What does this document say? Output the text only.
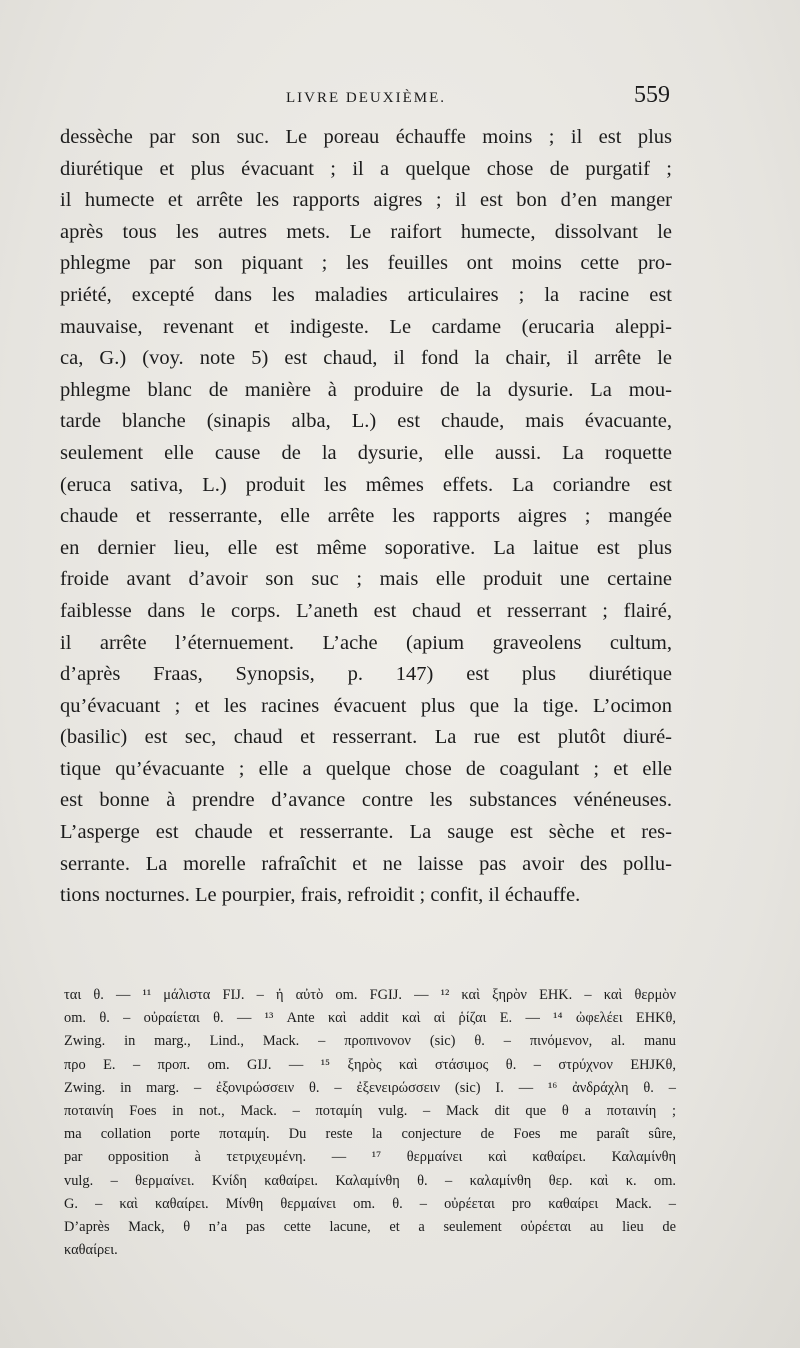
LIVRE DEUXIÈME.	559
dessèche par son suc. Le poreau échauffe moins ; il est plus
diurétique et plus évacuant ; il a quelque chose de purgatif ;
il humecte et arrête les rapports aigres ; il est bon d’en manger
après tous les autres mets. Le raifort humecte, dissolvant le
phlegme par son piquant ; les feuilles ont moins cette pro-
priété, excepté dans les maladies articulaires ; la racine est
mauvaise, revenant et indigeste. Le cardame (erucaria aleppi-
ca, G.) (voy. note 5) est chaud, il fond la chair, il arrête le
phlegme blanc de manière à produire de la dysurie. La mou-
tarde blanche (sinapis alba, L.) est chaude, mais évacuante,
seulement elle cause de la dysurie, elle aussi. La roquette
(eruca sativa, L.) produit les mêmes effets. La coriandre est
chaude et resserrante, elle arrête les rapports aigres ; mangée
en dernier lieu, elle est même soporative. La laitue est plus
froide avant d’avoir son suc ; mais elle produit une certaine
faiblesse dans le corps. L’aneth est chaud et resserrant ; flairé,
il arrête l’éternuement. L’ache (apium graveolens cultum,
d’après Fraas, Synopsis, p. 147) est plus diurétique
qu’évacuant ; et les racines évacuent plus que la tige. L’ocimon
(basilic) est sec, chaud et resserrant. La rue est plutôt diuré-
tique qu’évacuante ; elle a quelque chose de coagulant ; et elle
est bonne à prendre d’avance contre les substances vénéneuses.
L’asperge est chaude et resserrante. La sauge est sèche et res-
serrante. La morelle rafraîchit et ne laisse pas avoir des pollu-
tions nocturnes. Le pourpier, frais, refroidit ; confit, il échauffe.
ται θ. — ¹¹ μάλιστα FIJ. – ἡ αὐτὸ om. FGIJ. — ¹² καὶ ξηρὸν EHK. – καὶ θερμὸν
om. θ. – οὐραίεται θ. — ¹³ Ante καὶ addit καὶ αἱ ῥίζαι E. — ¹⁴ ὠφελέει EHKθ,
Zwing. in marg., Lind., Mack. – προπινονον (sic) θ. – πινόμενον, al. manu
προ E. – προπ. om. GIJ. — ¹⁵ ξηρὸς καὶ στάσιμος θ. – στρύχνον EHJKθ,
Zwing. in marg. – ἐξονιρώσσειν θ. – ἐξενειρώσσειν (sic) I. — ¹⁶ ἀνδράχλη θ. –
ποταινίη Foes in not., Mack. – ποταμίη vulg. – Mack dit que θ a ποταινίη ;
ma collation porte ποταμίη. Du reste la conjecture de Foes me paraît sûre,
par opposition à τετριχευμένη. — ¹⁷ θερμαίνει καὶ καθαίρει. Καλαμίνθη
vulg. – θερμαίνει. Κνίδη καθαίρει. Καλαμίνθη θ. – καλαμίνθη θερ. καὶ κ. om.
G. – καὶ καθαίρει. Μίνθη θερμαίνει om. θ. – οὐρέεται pro καθαίρει Mack. –
D’après Mack, θ n’a pas cette lacune, et a seulement οὐρέεται au lieu de
καθαίρει.
